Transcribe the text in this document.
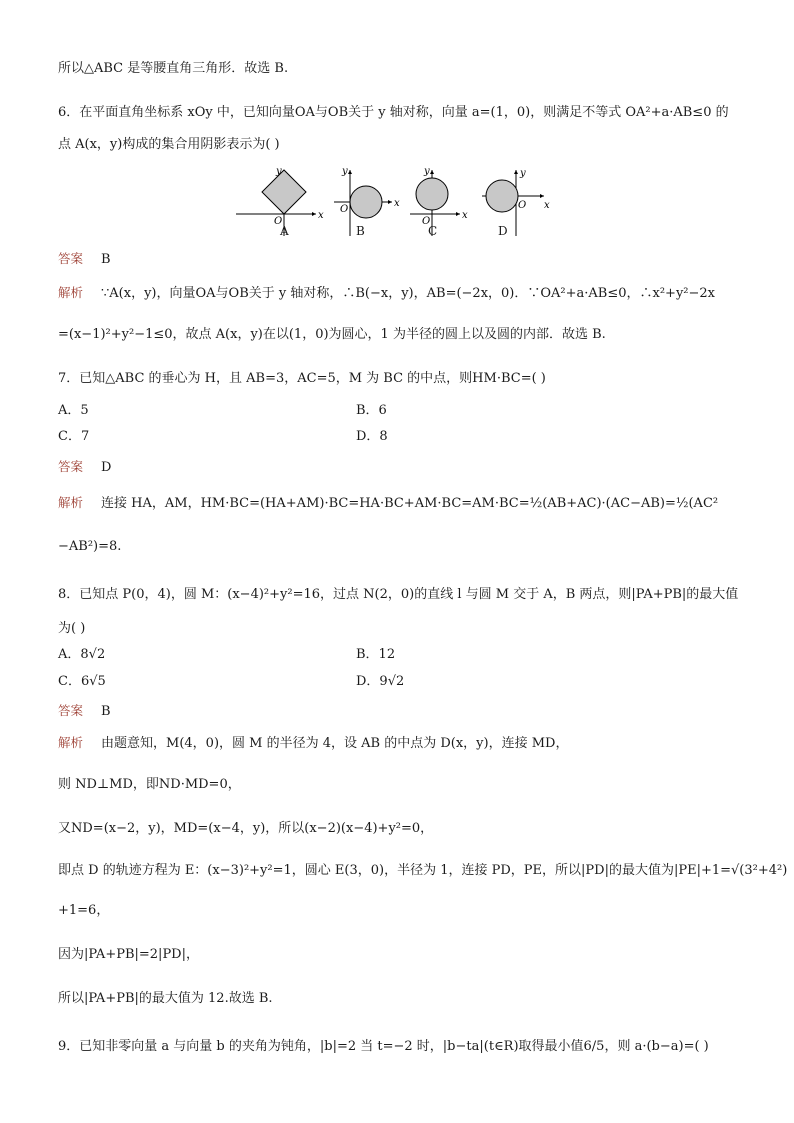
所以△ABC 是等腰直角三角形．故选 B.
6．在平面直角坐标系 xOy 中，已知向量OA与OB关于 y 轴对称，向量 a=(1，0)，则满足不等式 OA²+a·AB≤0 的
点 A(x，y)构成的集合用阴影表示为( )
x
y
O
x
y
O
x
y
O
x
y
O
A	B	C	D
答案 B
解析 ∵A(x，y)，向量OA与OB关于 y 轴对称，∴B(−x，y)，AB=(−2x，0)．∵OA²+a·AB≤0，∴x²+y²−2x
=(x−1)²+y²−1≤0，故点 A(x，y)在以(1，0)为圆心，1 为半径的圆上以及圆的内部．故选 B.
7．已知△ABC 的垂心为 H，且 AB=3，AC=5，M 为 BC 的中点，则HM·BC=( )
A．5	B．6
C．7	D．8
答案 D
解析 连接 HA，AM，HM·BC=(HA+AM)·BC=HA·BC+AM·BC=AM·BC=½(AB+AC)·(AC−AB)=½(AC²
−AB²)=8.
8．已知点 P(0，4)，圆 M：(x−4)²+y²=16，过点 N(2，0)的直线 l 与圆 M 交于 A，B 两点，则|PA+PB|的最大值
为( )
A．8√2	B．12
C．6√5	D．9√2
答案 B
解析 由题意知，M(4，0)，圆 M 的半径为 4，设 AB 的中点为 D(x，y)，连接 MD，
则 ND⊥MD，即ND·MD=0，
又ND=(x−2，y)，MD=(x−4，y)，所以(x−2)(x−4)+y²=0，
即点 D 的轨迹方程为 E：(x−3)²+y²=1，圆心 E(3，0)，半径为 1，连接 PD，PE，所以|PD|的最大值为|PE|+1=√(3²+4²)
+1=6，
因为|PA+PB|=2|PD|，
所以|PA+PB|的最大值为 12.故选 B.
9．已知非零向量 a 与向量 b 的夹角为钝角，|b|=2 当 t=−2 时，|b−ta|(t∈R)取得最小值6/5，则 a·(b−a)=( )
